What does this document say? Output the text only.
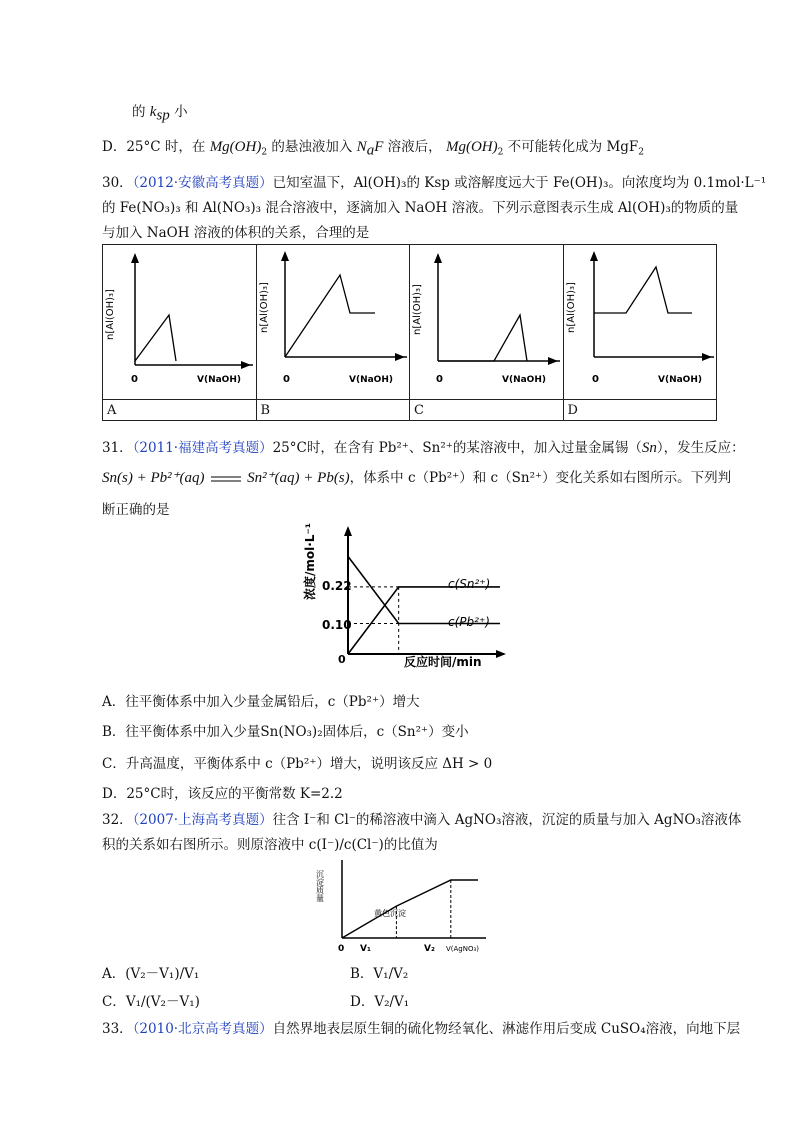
的 $k_{sp}$ 小
D．25°C 时，在 $Mg(OH)_2$ 的悬浊液加入 $N_aF$ 溶液后， $Mg(OH)_2$ 不可能转化成为 MgF$_2$
30．（2012·安徽高考真题）已知室温下，Al(OH)₃的 Ksp 或溶解度远大于 Fe(OH)₃。向浓度均为 0.1mol·L⁻¹
的 Fe(NO₃)₃ 和 Al(NO₃)₃ 混合溶液中，逐滴加入 NaOH 溶液。下列示意图表示生成 Al(OH)₃的物质的量
与加入 NaOH 溶液的体积的关系，合理的是
n[Al(OH)₃]
0 V(NaOH)	n[Al(OH)₃]
0 V(NaOH)	n[Al(OH)₃]
0 V(NaOH)	n[Al(OH)₃]
0 V(NaOH)

A	B	C	D
31．（2011·福建高考真题）25°C时，在含有 Pb²⁺、Sn²⁺的某溶液中，加入过量金属锡（Sn），发生反应：
Sn(s) + Pb²⁺(aq)	Sn²⁺(aq) + Pb(s)，体系中 c（Pb²⁺）和 c（Sn²⁺）变化关系如右图所示。下列判
断正确的是
浓度/mol·L⁻¹ 0.22
0.10
0	反应时间/min
c(Sn²⁺)
c(Pb²⁺)
A．往平衡体系中加入少量金属铅后，c（Pb²⁺）增大
B．往平衡体系中加入少量Sn(NO₃)₂固体后，c（Sn²⁺）变小
C．升高温度，平衡体系中 c（Pb²⁺）增大，说明该反应 ΔH > 0
D．25°C时，该反应的平衡常数 K=2.2
32．（2007·上海高考真题）往含 I⁻和 Cl⁻的稀溶液中滴入 AgNO₃溶液，沉淀的质量与加入 AgNO₃溶液体
积的关系如右图所示。则原溶液中 c(I⁻)/c(Cl⁻)的比值为
沉淀质量
黄色沉淀
0 V₁	V₂ V(AgNO₃)
A．(V₂－V₁)/V₁	B．V₁/V₂
C．V₁/(V₂－V₁)	D．V₂/V₁
33．（2010·北京高考真题）自然界地表层原生铜的硫化物经氧化、淋滤作用后变成 CuSO₄溶液，向地下层
